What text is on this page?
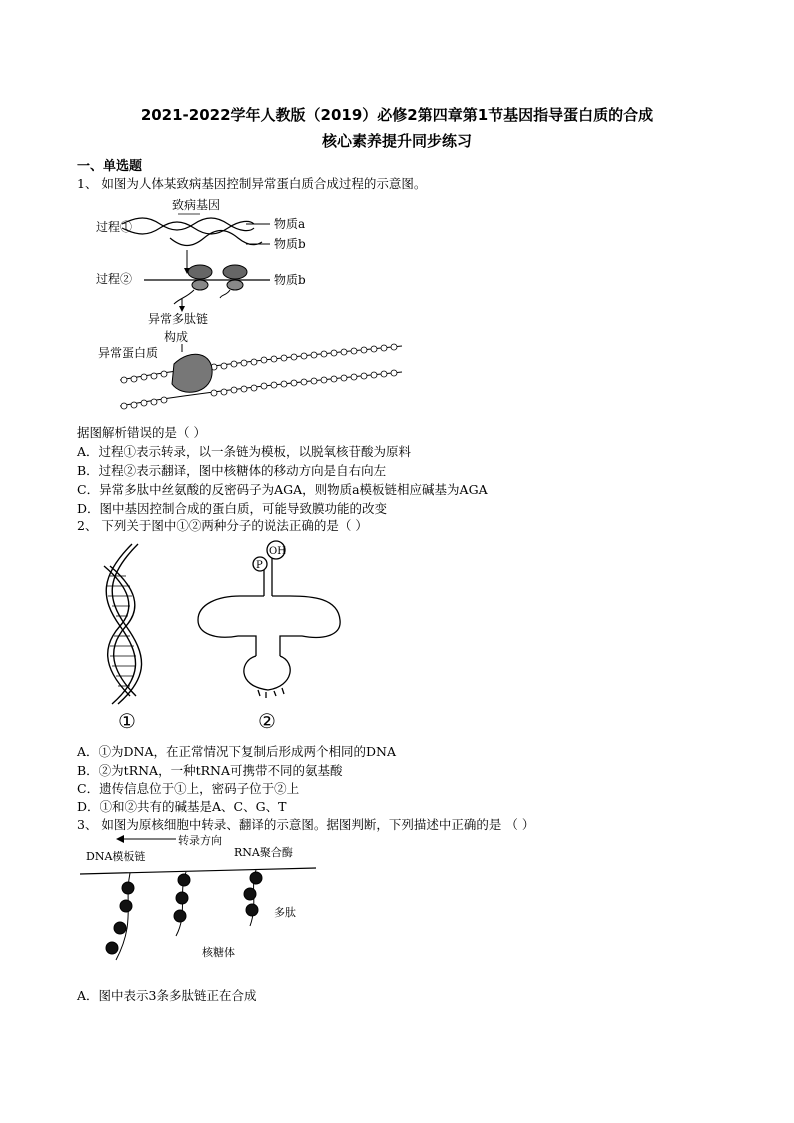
2021-2022学年人教版（2019）必修2第四章第1节基因指导蛋白质的合成
核心素养提升同步练习
一、单选题
1、 如图为人体某致病基因控制异常蛋白质合成过程的示意图。
致病基因
过程①	物质a
物质b
过程②	物质b
异常多肽链
构成
异常蛋白质
据图解析错误的是（ ）
A．过程①表示转录，以一条链为模板，以脱氧核苷酸为原料
B．过程②表示翻译，图中核糖体的移动方向是自右向左
C．异常多肽中丝氨酸的反密码子为AGA，则物质a模板链相应碱基为AGA
D．图中基因控制合成的蛋白质，可能导致膜功能的改变
2、 下列关于图中①②两种分子的说法正确的是（ ）
①
P
OH
②
A．①为DNA，在正常情况下复制后形成两个相同的DNA
B．②为tRNA，一种tRNA可携带不同的氨基酸
C．遗传信息位于①上，密码子位于②上
D．①和②共有的碱基是A、C、G、T
3、 如图为原核细胞中转录、翻译的示意图。据图判断，下列描述中正确的是 （ ）
转录方向
DNA模板链	RNA聚合酶
多肽
核糖体
A．图中表示3条多肽链正在合成
